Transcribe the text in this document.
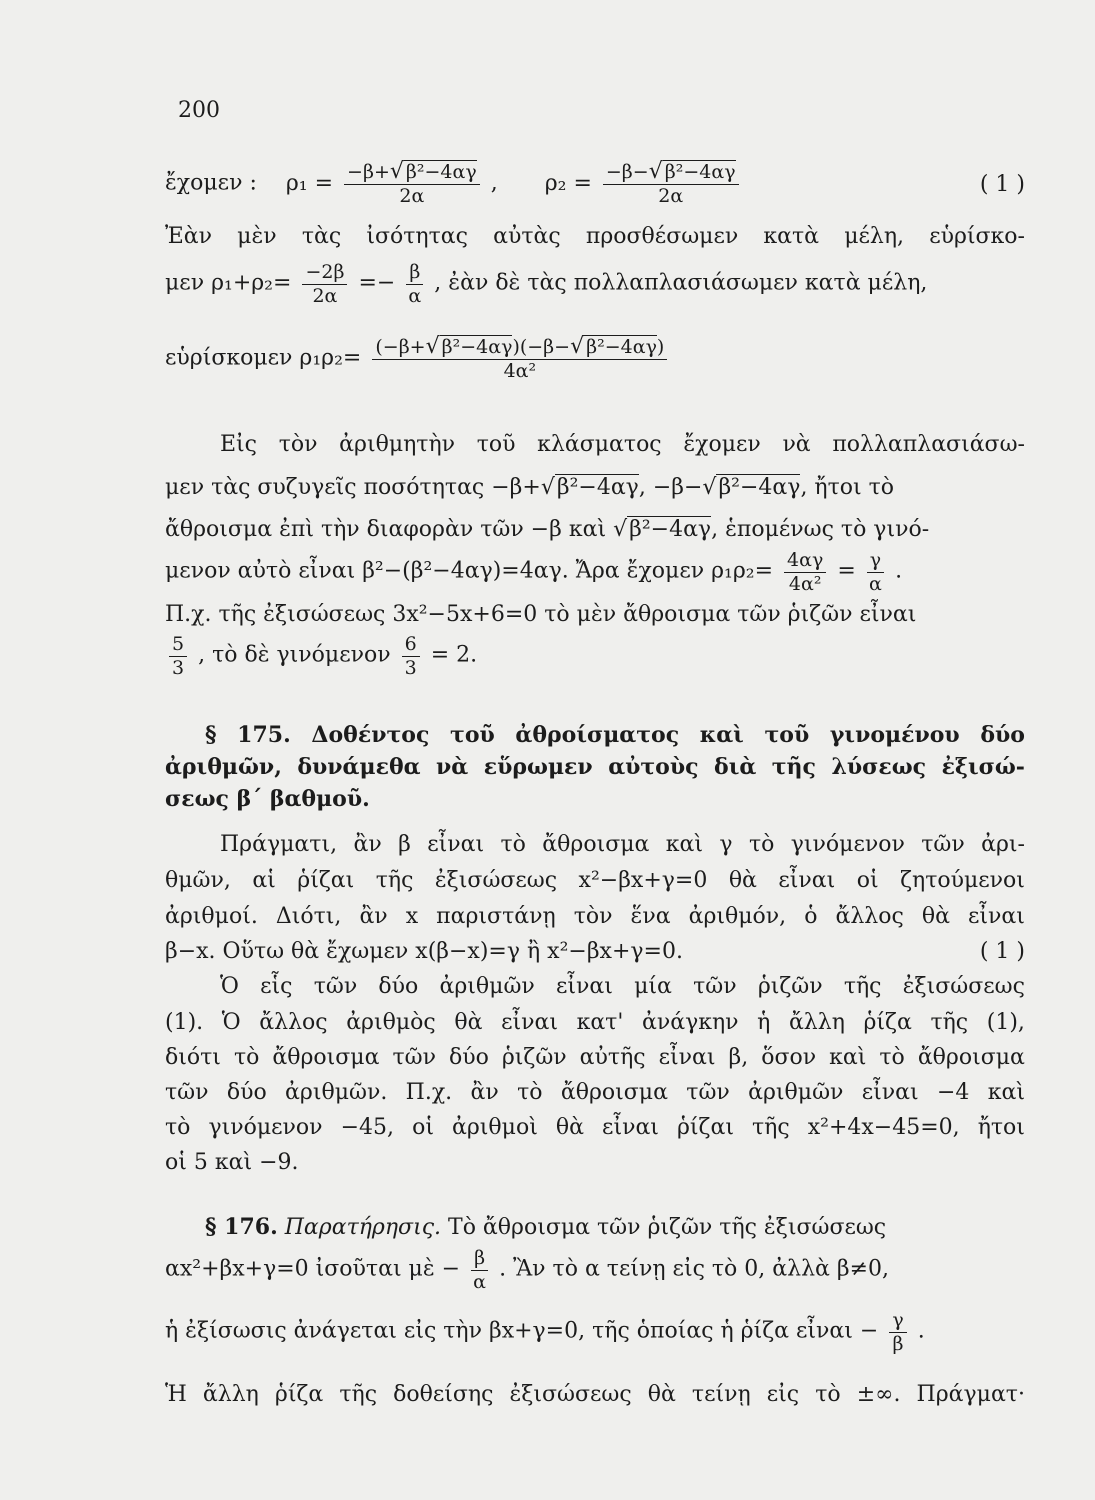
200
ἔχομεν : $\rho_1 = \frac{\text{−β+√ β²−4αγ}}{2\alpha}$ , $\rho_2 = \frac{\text{−β−√ β²−4αγ}}{2\alpha}$	( 1 )
Ἐὰν μὲν τὰς ἰσότητας αὐτὰς προσθέσωμεν κατὰ μέλη, εὑρίσκο-
μεν $\rho_1+\rho_2= \frac{-2\beta}{2\alpha} =- \frac{\beta}{\alpha}$ , ἐὰν δὲ τὰς πολλαπλασιάσωμεν κατὰ μέλη,
εὑρίσκομεν $\rho_1\rho_2= \frac{\text{(−β+√ β²−4αγ)(−β−√ β²−4αγ)}}{\text{4α²}}$
Εἰς τὸν ἀριθμητὴν τοῦ κλάσματος ἔχομεν νὰ πολλαπλασιάσω-
μεν τὰς συζυγεῖς ποσότητας −β+√β²−4αγ, −β−√β²−4αγ, ἤτοι τὸ
ἄθροισμα ἐπὶ τὴν διαφορὰν τῶν −β καὶ √β²−4αγ, ἑπομένως τὸ γινό-
μενον αὐτὸ εἶναι β²−(β²−4αγ)=4αγ. Ἄρα ἔχομεν $\rho_1\rho_2= \frac{4\alpha\gamma}{\text{4α²}} = \frac{\gamma}{\alpha}$ .
Π.χ. τῆς ἐξισώσεως 3x²−5x+6=0 τὸ μὲν ἄθροισμα τῶν ῥιζῶν εἶναι
$\frac{5}{3}$ , τὸ δὲ γινόμενον $\frac{6}{3} = 2$.
§ 175. Δοθέντος τοῦ ἀθροίσματος καὶ τοῦ γινομένου δύο
ἀριθμῶν, δυνάμεθα νὰ εὕρωμεν αὐτοὺς διὰ τῆς λύσεως ἐξισώ-
σεως β΄ βαθμοῦ.
Πράγματι, ἂν β εἶναι τὸ ἄθροισμα καὶ γ τὸ γινόμενον τῶν ἀρι-
θμῶν, αἱ ῥίζαι τῆς ἐξισώσεως x²−βx+γ=0 θὰ εἶναι οἱ ζητούμενοι
ἀριθμοί. Διότι, ἂν x παριστάνῃ τὸν ἕνα ἀριθμόν, ὁ ἄλλος θὰ εἶναι
β−x. Οὕτω θὰ ἔχωμεν x(β−x)=γ ἢ x²−βx+γ=0.	( 1 )
Ὁ εἷς τῶν δύο ἀριθμῶν εἶναι μία τῶν ῥιζῶν τῆς ἐξισώσεως
(1). Ὁ ἄλλος ἀριθμὸς θὰ εἶναι κατ' ἀνάγκην ἡ ἄλλη ῥίζα τῆς (1),
διότι τὸ ἄθροισμα τῶν δύο ῥιζῶν αὐτῆς εἶναι β, ὅσον καὶ τὸ ἄθροισμα
τῶν δύο ἀριθμῶν. Π.χ. ἂν τὸ ἄθροισμα τῶν ἀριθμῶν εἶναι −4 καὶ
τὸ γινόμενον −45, οἱ ἀριθμοὶ θὰ εἶναι ῥίζαι τῆς x²+4x−45=0, ἤτοι
οἱ 5 καὶ −9.
§ 176. Παρατήρησις. Τὸ ἄθροισμα τῶν ῥιζῶν τῆς ἐξισώσεως
αx²+βx+γ=0 ἰσοῦται μὲ − $\frac{\beta}{\alpha}$ . Ἂν τὸ α τείνῃ εἰς τὸ 0, ἀλλὰ β≠0,
ἡ ἐξίσωσις ἀνάγεται εἰς τὴν βx+γ=0, τῆς ὁποίας ἡ ῥίζα εἶναι − $\frac{\gamma}{\beta}$ .
Ἡ ἄλλη ῥίζα τῆς δοθείσης ἐξισώσεως θὰ τείνῃ εἰς τὸ ±∞. Πράγματ·
